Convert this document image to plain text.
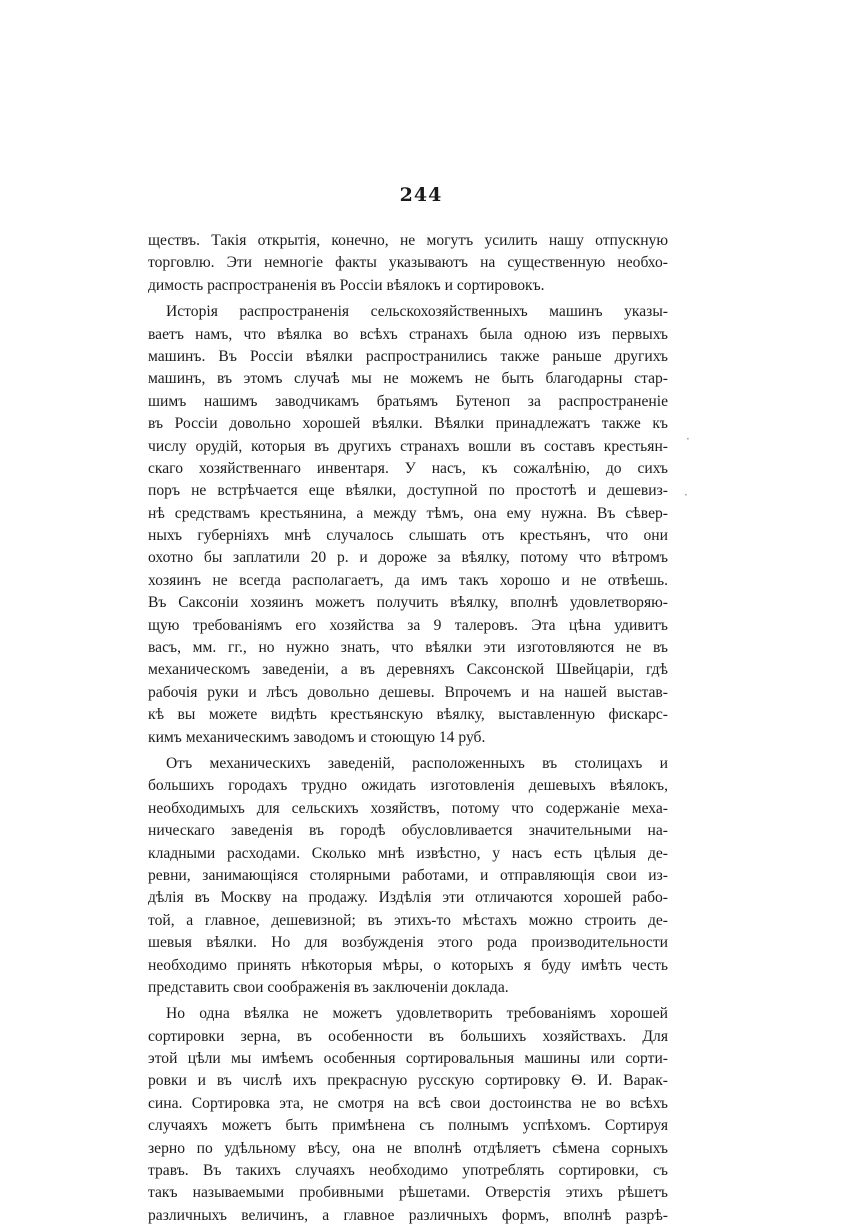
244
ществъ. Такія открытія, конечно, не могутъ усилить нашу отпускную
торговлю. Эти немногіе факты указываютъ на существенную необхо-
димость распространенія въ Россіи вѣялокъ и сортировокъ.
Исторія распространенія сельскохозяйственныхъ машинъ указы-
ваетъ намъ, что вѣялка во всѣхъ странахъ была одною изъ первыхъ
машинъ. Въ Россіи вѣялки распространились также раньше другихъ
машинъ, въ этомъ случаѣ мы не можемъ не быть благодарны стар-
шимъ нашимъ заводчикамъ братьямъ Бутеноп за распространеніе
въ Россіи довольно хорошей вѣялки. Вѣялки принадлежатъ также къ
числу орудій, которыя въ другихъ странахъ вошли въ составъ крестьян-
скаго хозяйственнаго инвентаря. У насъ, къ сожалѣнію, до сихъ
поръ не встрѣчается еще вѣялки, доступной по простотѣ и дешевиз-
нѣ средствамъ крестьянина, а между тѣмъ, она ему нужна. Въ сѣвер-
ныхъ губерніяхъ мнѣ случалось слышать отъ крестьянъ, что они
охотно бы заплатили 20 р. и дороже за вѣялку, потому что вѣтромъ
хозяинъ не всегда располагаетъ, да имъ такъ хорошо и не отвѣешь.
Въ Саксоніи хозяинъ можетъ получить вѣялку, вполнѣ удовлетворяю-
щую требованіямъ его хозяйства за 9 талеровъ. Эта цѣна удивитъ
васъ, мм. гг., но нужно знать, что вѣялки эти изготовляются не въ
механическомъ заведеніи, а въ деревняхъ Саксонской Швейцаріи, гдѣ
рабочія руки и лѣсъ довольно дешевы. Впрочемъ и на нашей выстав-
кѣ вы можете видѣть крестьянскую вѣялку, выставленную фискарс-
кимъ механическимъ заводомъ и стоющую 14 руб.
Отъ механическихъ заведеній, расположенныхъ въ столицахъ и
большихъ городахъ трудно ожидать изготовленія дешевыхъ вѣялокъ,
необходимыхъ для сельскихъ хозяйствъ, потому что содержаніе меха-
ническаго заведенія въ городѣ обусловливается значительными на-
кладными расходами. Сколько мнѣ извѣстно, у насъ есть цѣлыя де-
ревни, занимающіяся столярными работами, и отправляющія свои из-
дѣлія въ Москву на продажу. Издѣлія эти отличаются хорошей рабо-
той, а главное, дешевизной; въ этихъ-то мѣстахъ можно строить де-
шевыя вѣялки. Но для возбужденія этого рода производительности
необходимо принять нѣкоторыя мѣры, о которыхъ я буду имѣть честь
представить свои соображенія въ заключеніи доклада.
Но одна вѣялка не можетъ удовлетворить требованіямъ хорошей
сортировки зерна, въ особенности въ большихъ хозяйствахъ. Для
этой цѣли мы имѣемъ особенныя сортировальныя машины или сорти-
ровки и въ числѣ ихъ прекрасную русскую сортировку Ѳ. И. Варак-
сина. Сортировка эта, не смотря на всѣ свои достоинства не во всѣхъ
случаяхъ можетъ быть примѣнена съ полнымъ успѣхомъ. Сортируя
зерно по удѣльному вѣсу, она не вполнѣ отдѣляетъ сѣмена сорныхъ
травъ. Въ такихъ случаяхъ необходимо употреблять сортировки, съ
такъ называемыми пробивными рѣшетами. Отверстія этихъ рѣшетъ
различныхъ величинъ, а главное различныхъ формъ, вполнѣ разрѣ-
·
·
